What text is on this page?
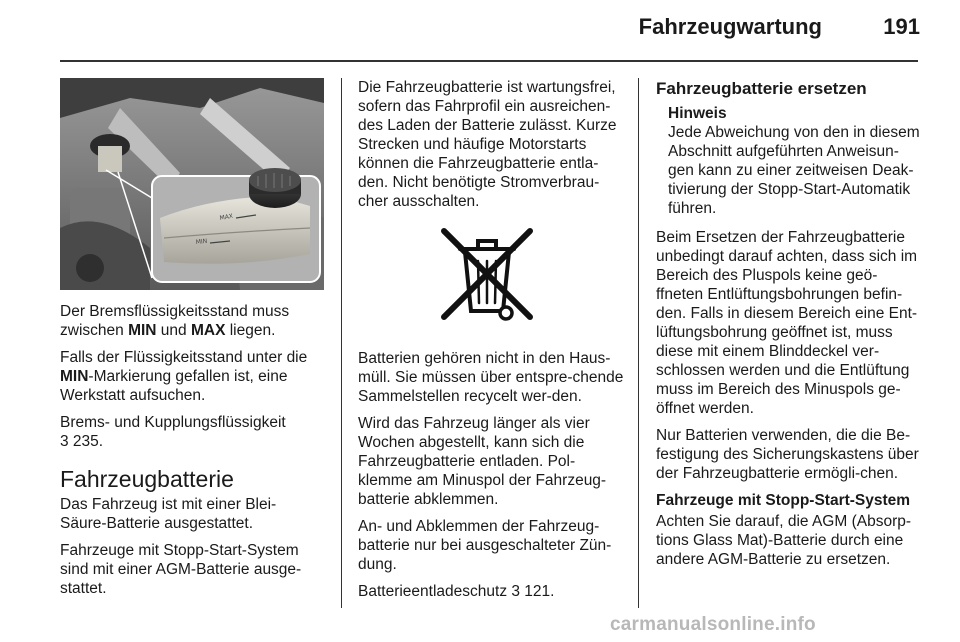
Fahrzeugwartung	191
MAX
MIN

Der Bremsflüssigkeitsstand muss zwischen MIN und MAX liegen.

Falls der Flüssigkeitsstand unter die MIN-Markierung gefallen ist, eine Werkstatt aufsuchen.

Brems- und Kupplungsflüssigkeit
3 235.

Fahrzeugbatterie

Das Fahrzeug ist mit einer Blei-Säure-Batterie ausgestattet.

Fahrzeuge mit Stopp-Start-System sind mit einer AGM-Batterie ausge-stattet.

Die Fahrzeugbatterie ist wartungsfrei, sofern das Fahrprofil ein ausreichen-des Laden der Batterie zulässt. Kurze Strecken und häufige Motorstarts können die Fahrzeugbatterie entla-den. Nicht benötigte Stromverbrau-cher ausschalten.

Batterien gehören nicht in den Haus-müll. Sie müssen über entspre-chende Sammelstellen recycelt wer-den.

Wird das Fahrzeug länger als vier Wochen abgestellt, kann sich die Fahrzeugbatterie entladen. Pol-klemme am Minuspol der Fahrzeug-batterie abklemmen.

An- und Abklemmen der Fahrzeug-batterie nur bei ausgeschalteter Zün-dung.

Batterieentladeschutz 3 121.

Fahrzeugbatterie ersetzen
Hinweis
Jede Abweichung von den in diesem Abschnitt aufgeführten Anweisun-gen kann zu einer zeitweisen Deak-tivierung der Stopp-Start-Automatik führen.

Beim Ersetzen der Fahrzeugbatterie unbedingt darauf achten, dass sich im Bereich des Pluspols keine geö-ffneten Entlüftungsbohrungen befin-den. Falls in diesem Bereich eine Ent-lüftungsbohrung geöffnet ist, muss diese mit einem Blinddeckel ver-schlossen werden und die Entlüftung muss im Bereich des Minuspols ge-öffnet werden.

Nur Batterien verwenden, die die Be-festigung des Sicherungskastens über der Fahrzeugbatterie ermögli-chen.

Fahrzeuge mit Stopp-Start-System

Achten Sie darauf, die AGM (Absorp-tions Glass Mat)-Batterie durch eine andere AGM-Batterie zu ersetzen.

carmanualsonline.info
